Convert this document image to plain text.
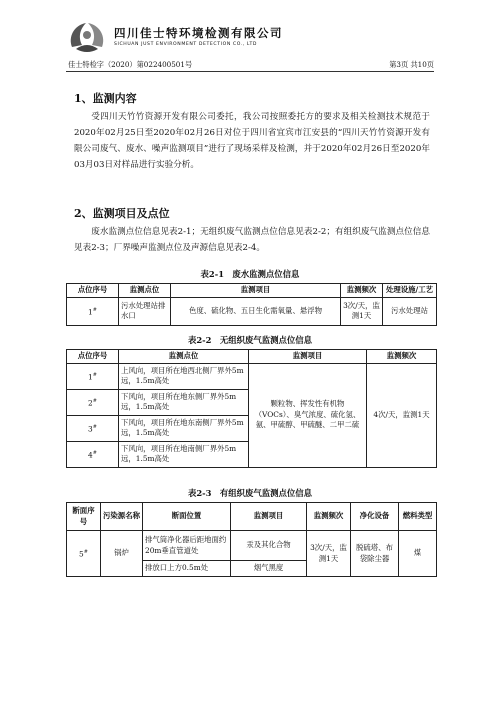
四川佳士特环境检测有限公司
SICHUAN JUST ENVIRONMENT DETECTION CO., LTD
佳士特检字（2020）第022400501号	第3页 共10页
1、监测内容

受四川天竹竹资源开发有限公司委托，我公司按照委托方的要求及相关检测技术规范于2020年02月25日至2020年02月26日对位于四川省宜宾市江安县的“四川天竹竹资源开发有限公司废气、废水、噪声监测项目”进行了现场采样及检测，并于2020年02月26日至2020年03月03日对样品进行实验分析。

2、监测项目及点位

废水监测点位信息见表2-1；无组织废气监测点位信息见表2-2；有组织废气监测点位信息见表2-3；厂界噪声监测点位及声源信息见表2-4。

表2-1　废水监测点位信息
点位序号	监测点位	监测项目	监测频次	处理设施/工艺
1#	污水处理站排水口	色度、硫化物、五日生化需氧量、悬浮物	3次/天，监测1天	污水处理站
表2-2　无组织废气监测点位信息
点位序号	监测点位	监测项目	监测频次
1#	上风向，项目所在地西北侧厂界外5m远，1.5m高处	颗粒物、挥发性有机物（VOCs）、臭气浓度、硫化氢、氨、甲硫醇、甲硫醚、二甲二硫	4次/天，监测1天
2#	下风向，项目所在地东侧厂界外5m远，1.5m高处		
3#	下风向，项目所在地东南侧厂界外5m远，1.5m高处		
4#	下风向，项目所在地南侧厂界外5m远，1.5m高处		
表2-3　有组织废气监测点位信息
断面序号	污染源名称	断面位置	监测项目	监测频次	净化设备	燃料类型
5#	锅炉	排气筒净化器后距地面约20m垂直管道处	汞及其化合物	3次/天，监测1天	脱硫塔、布袋除尘器	煤
		排放口上方0.5m处	烟气黑度			
